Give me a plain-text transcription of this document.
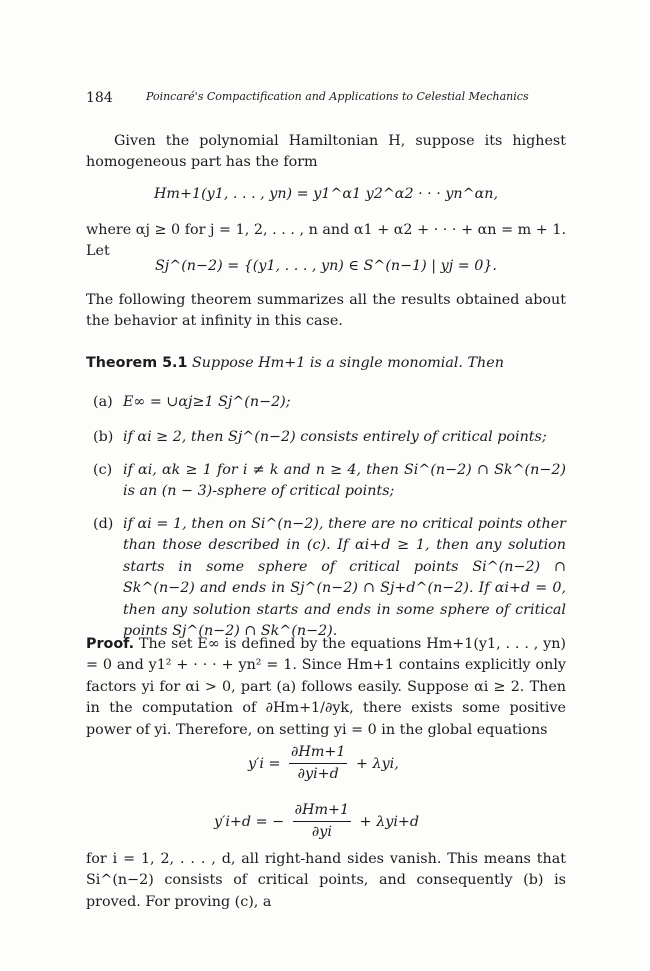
184	Poincaré's Compactification and Applications to Celestial Mechanics

Given the polynomial Hamiltonian H, suppose its highest homogeneous part has the form

Hm+1(y1, . . . , yn) = y1^α1 y2^α2 · · · yn^αn,

where αj ≥ 0 for j = 1, 2, . . . , n and α1 + α2 + · · · + αn = m + 1. Let

Sj^(n−2) = {(y1, . . . , yn) ∈ S^(n−1) | yj = 0}.

The following theorem summarizes all the results obtained about the behavior at infinity in this case.

Theorem 5.1 Suppose Hm+1 is a single monomial. Then
(a) E∞ = ∪αj≥1 Sj^(n−2);
(b) if αi ≥ 2, then Sj^(n−2) consists entirely of critical points;
(c) if αi, αk ≥ 1 for i ≠ k and n ≥ 4, then Si^(n−2) ∩ Sk^(n−2) is an (n − 3)-sphere of critical points;
(d) if αi = 1, then on Si^(n−2), there are no critical points other than those described in (c). If αi+d ≥ 1, then any solution starts in some sphere of critical points Si^(n−2) ∩ Sk^(n−2) and ends in Sj^(n−2) ∩ Sj+d^(n−2). If αi+d = 0, then any solution starts and ends in some sphere of critical points Sj^(n−2) ∩ Sk^(n−2).

Proof. The set E∞ is defined by the equations Hm+1(y1, . . . , yn) = 0 and y1² + · · · + yn² = 1. Since Hm+1 contains explicitly only factors yi for αi > 0, part (a) follows easily. Suppose αi ≥ 2. Then in the computation of ∂Hm+1/∂yk, there exists some positive power of yi. Therefore, on setting yi = 0 in the global equations

$y'i = \frac{\partial Hm+1}{\partial yi+d} + \lambda yi$,
y′i+d = − $\frac{\partial Hm+1}{\partial yi} + \lambda yi+d$

for i = 1, 2, . . . , d, all right-hand sides vanish. This means that Si^(n−2) consists of critical points, and consequently (b) is proved. For proving (c), a
